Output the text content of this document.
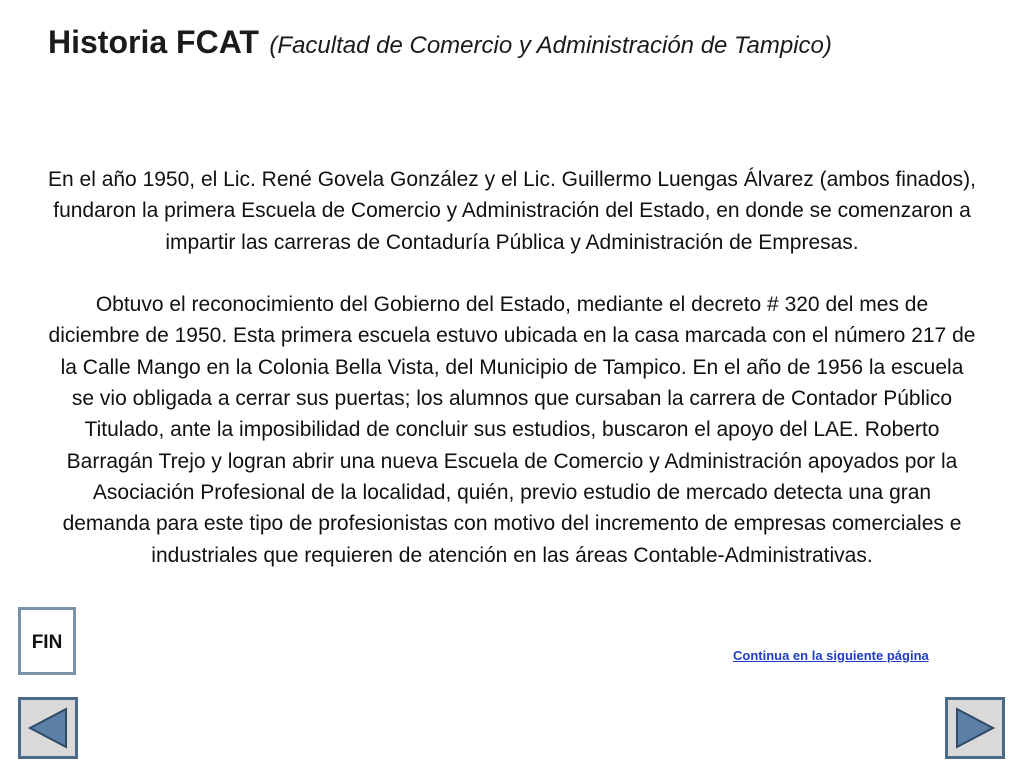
Historia FCAT (Facultad de Comercio y Administración de Tampico)

En el año 1950, el Lic. René Govela González y el Lic. Guillermo Luengas Álvarez (ambos finados), fundaron la primera Escuela de Comercio y Administración del Estado, en donde se comenzaron a impartir las carreras de Contaduría Pública y Administración de Empresas.

Obtuvo el reconocimiento del Gobierno del Estado, mediante el decreto # 320 del mes de diciembre de 1950. Esta primera escuela estuvo ubicada en la casa marcada con el número 217 de la Calle Mango en la Colonia Bella Vista, del Municipio de Tampico. En el año de 1956 la escuela se vio obligada a cerrar sus puertas; los alumnos que cursaban la carrera de Contador Público Titulado, ante la imposibilidad de concluir sus estudios, buscaron el apoyo del LAE. Roberto Barragán Trejo y logran abrir una nueva Escuela de Comercio y Administración apoyados por la Asociación Profesional de la localidad, quién, previo estudio de mercado detecta una gran demanda para este tipo de profesionistas con motivo del incremento de empresas comerciales e industriales que requieren de atención en las áreas Contable-Administrativas.

FIN
Continua en la siguiente página
